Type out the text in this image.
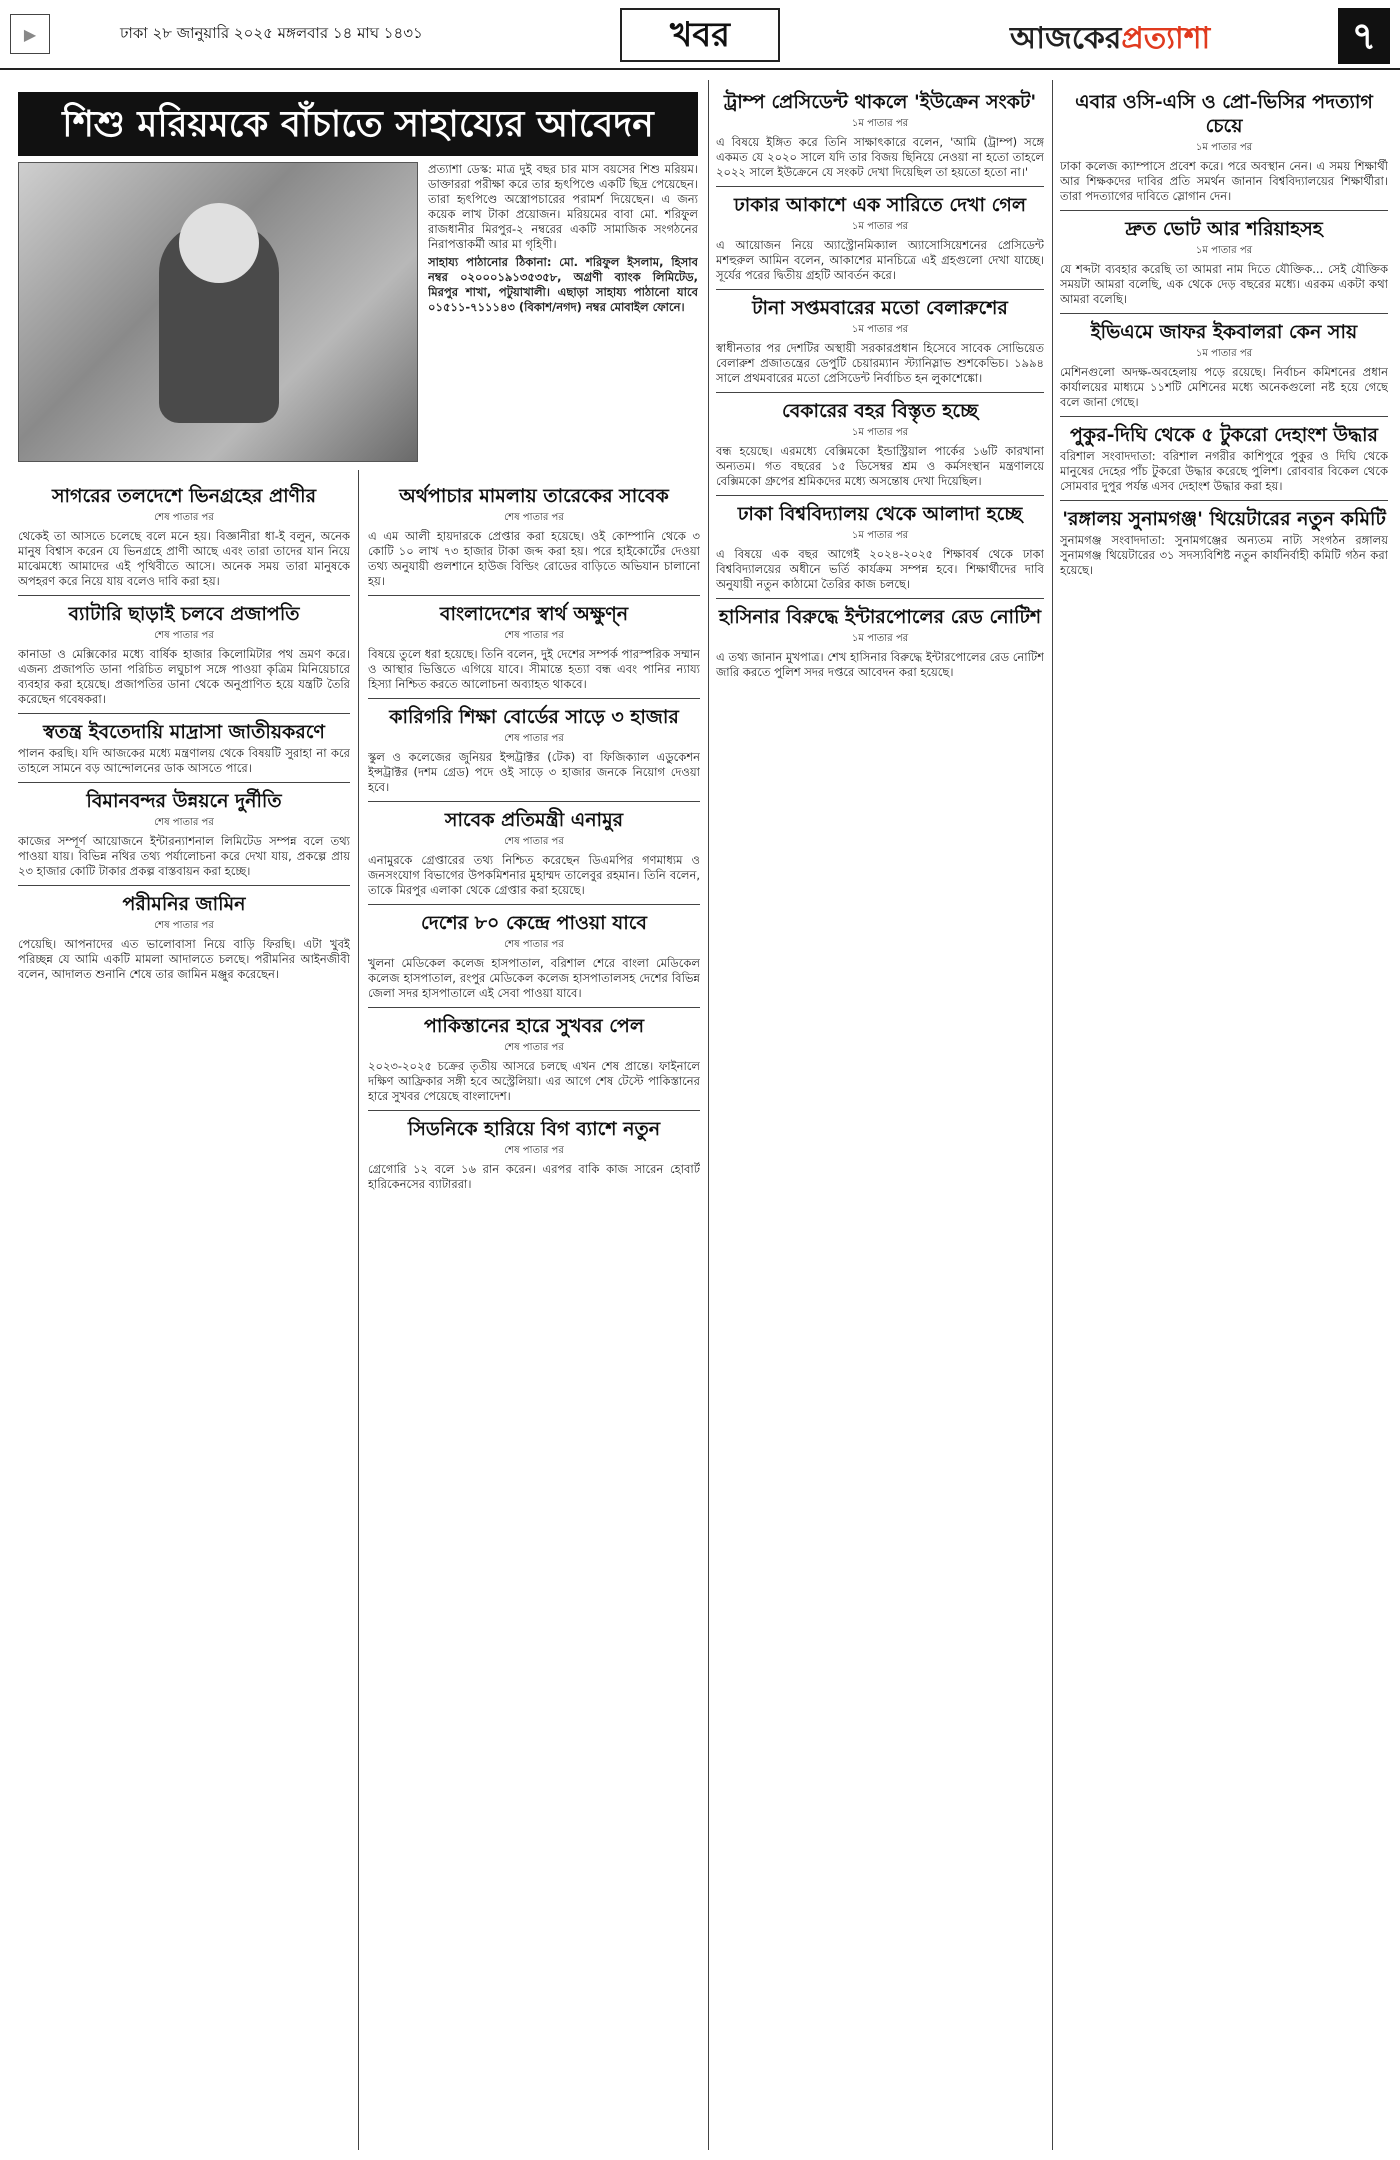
▶	ঢাকা ২৮ জানুয়ারি ২০২৫ মঙ্গলবার ১৪ মাঘ ১৪৩১	খবর	আজকেরপ্রত্যাশা	৭
শিশু মরিয়মকে বাঁচাতে সাহায্যের আবেদন

প্রত্যাশা ডেস্ক: মাত্র দুই বছর চার মাস বয়সের শিশু মরিয়ম। ডাক্তাররা পরীক্ষা করে তার হৃৎপিণ্ডে একটি ছিদ্র পেয়েছেন। তারা হৃৎপিণ্ডে অস্ত্রোপচারের পরামর্শ দিয়েছেন। এ জন্য কয়েক লাখ টাকা প্রয়োজন। মরিয়মের বাবা মো. শরিফুল রাজধানীর মিরপুর-২ নম্বরের একটি সামাজিক সংগঠনের নিরাপত্তাকর্মী আর মা গৃহিণী।

সাহায্য পাঠানোর ঠিকানা: মো. শরিফুল ইসলাম, হিসাব নম্বর ০২০০০১৯১৩৫৩৫৮, অগ্রণী ব্যাংক লিমিটেড, মিরপুর শাখা, পটুয়াখালী। এছাড়া সাহায্য পাঠানো যাবে ০১৫১১-৭১১১৪৩ (বিকাশ/নগদ) নম্বর মোবাইল ফোনে।

সাগরের তলদেশে ভিনগ্রহের প্রাণীর
শেষ পাতার পর

থেকেই তা আসতে চলেছে বলে মনে হয়। বিজ্ঞানীরা ধা-ই বলুন, অনেক মানুষ বিশ্বাস করেন যে ভিনগ্রহে প্রাণী আছে এবং তারা তাদের যান নিয়ে মাঝেমধ্যে আমাদের এই পৃথিবীতে আসে। অনেক সময় তারা মানুষকে অপহরণ করে নিয়ে যায় বলেও দাবি করা হয়।

ব্যাটারি ছাড়াই চলবে প্রজাপতি
শেষ পাতার পর

কানাডা ও মেক্সিকোর মধ্যে বার্ষিক হাজার কিলোমিটার পথ ভ্রমণ করে। এজন্য প্রজাপতি ডানা পরিচিত লঘুচাপ সঙ্গে পাওয়া কৃত্রিম মিনিয়েচারে ব্যবহার করা হয়েছে। প্রজাপতির ডানা থেকে অনুপ্রাণিত হয়ে যন্ত্রটি তৈরি করেছেন গবেষকরা।

স্বতন্ত্র ইবতেদায়ি মাদ্রাসা জাতীয়করণে

পালন করছি। যদি আজকের মধ্যে মন্ত্রণালয় থেকে বিষয়টি সুরাহা না করে তাহলে সামনে বড় আন্দোলনের ডাক আসতে পারে।

বিমানবন্দর উন্নয়নে দুর্নীতি
শেষ পাতার পর

কাজের সম্পূর্ণ আয়োজনে ইন্টারন্যাশনাল লিমিটেড সম্পন্ন বলে তথ্য পাওয়া যায়। বিভিন্ন নথির তথ্য পর্যালোচনা করে দেখা যায়, প্রকল্পে প্রায় ২৩ হাজার কোটি টাকার প্রকল্প বাস্তবায়ন করা হচ্ছে।

পরীমনির জামিন
শেষ পাতার পর

পেয়েছি। আপনাদের এত ভালোবাসা নিয়ে বাড়ি ফিরছি। এটা খুবই পরিচ্ছন্ন যে আমি একটি মামলা আদালতে চলছে। পরীমনির আইনজীবী বলেন, আদালত শুনানি শেষে তার জামিন মঞ্জুর করেছেন।

অর্থপাচার মামলায় তারেকের সাবেক
শেষ পাতার পর

এ এম আলী হায়দারকে প্রেপ্তার করা হয়েছে। ওই কোম্পানি থেকে ৩ কোটি ১০ লাখ ৭৩ হাজার টাকা জব্দ করা হয়। পরে হাইকোর্টের দেওয়া তথ্য অনুযায়ী গুলশানে হাউজ বিল্ডিং রোডের বাড়িতে অভিযান চালানো হয়।

বাংলাদেশের স্বার্থ অক্ষুণ্ন
শেষ পাতার পর

বিষয়ে তুলে ধরা হয়েছে। তিনি বলেন, দুই দেশের সম্পর্ক পারস্পরিক সম্মান ও আস্থার ভিত্তিতে এগিয়ে যাবে। সীমান্তে হত্যা বন্ধ এবং পানির ন্যায্য হিস্যা নিশ্চিত করতে আলোচনা অব্যাহত থাকবে।

কারিগরি শিক্ষা বোর্ডের সাড়ে ৩ হাজার
শেষ পাতার পর

স্কুল ও কলেজের জুনিয়র ইন্সট্রাক্টর (টেক) বা ফিজিক্যাল এডুকেশন ইন্সট্রাক্টর (দশম গ্রেড) পদে ওই সাড়ে ৩ হাজার জনকে নিয়োগ দেওয়া হবে।

সাবেক প্রতিমন্ত্রী এনামুর
শেষ পাতার পর

এনামুরকে গ্রেপ্তারের তথ্য নিশ্চিত করেছেন ডিএমপির গণমাধ্যম ও জনসংযোগ বিভাগের উপকমিশনার মুহাম্মদ তালেবুর রহমান। তিনি বলেন, তাকে মিরপুর এলাকা থেকে গ্রেপ্তার করা হয়েছে।

দেশের ৮০ কেন্দ্রে পাওয়া যাবে
শেষ পাতার পর

খুলনা মেডিকেল কলেজ হাসপাতাল, বরিশাল শেরে বাংলা মেডিকেল কলেজ হাসপাতাল, রংপুর মেডিকেল কলেজ হাসপাতালসহ দেশের বিভিন্ন জেলা সদর হাসপাতালে এই সেবা পাওয়া যাবে।

পাকিস্তানের হারে সুখবর পেল
শেষ পাতার পর

২০২৩-২০২৫ চক্রের তৃতীয় আসরে চলছে এখন শেষ প্রান্তে। ফাইনালে দক্ষিণ আফ্রিকার সঙ্গী হবে অস্ট্রেলিয়া। এর আগে শেষ টেস্টে পাকিস্তানের হারে সুখবর পেয়েছে বাংলাদেশ।

সিডনিকে হারিয়ে বিগ ব্যাশে নতুন
শেষ পাতার পর

গ্রেগোরি ১২ বলে ১৬ রান করেন। এরপর বাকি কাজ সারেন হোবার্ট হারিকেনসের ব্যাটাররা।

ট্রাম্প প্রেসিডেন্ট থাকলে 'ইউক্রেন সংকট'
১ম পাতার পর

এ বিষয়ে ইঙ্গিত করে তিনি সাক্ষাৎকারে বলেন, 'আমি (ট্রাম্প) সঙ্গে একমত যে ২০২০ সালে যদি তার বিজয় ছিনিয়ে নেওয়া না হতো তাহলে ২০২২ সালে ইউক্রেনে যে সংকট দেখা দিয়েছিল তা হয়তো হতো না।'

ঢাকার আকাশে এক সারিতে দেখা গেল
১ম পাতার পর

এ আয়োজন নিয়ে অ্যাস্ট্রোনমিক্যাল অ্যাসোসিয়েশনের প্রেসিডেন্ট মশহুরুল আমিন বলেন, আকাশের মানচিত্রে এই গ্রহগুলো দেখা যাচ্ছে। সূর্যের পরের দ্বিতীয় গ্রহটি আবর্তন করে।

টানা সপ্তমবারের মতো বেলারুশের
১ম পাতার পর

স্বাধীনতার পর দেশটির অস্থায়ী সরকারপ্রধান হিসেবে সাবেক সোভিয়েত বেলারুশ প্রজাতন্ত্রের ডেপুটি চেয়ারম্যান স্ট্যানিস্লাভ শুশকেভিচ। ১৯৯৪ সালে প্রথমবারের মতো প্রেসিডেন্ট নির্বাচিত হন লুকাশেঙ্কো।

বেকারের বহর বিস্তৃত হচ্ছে
১ম পাতার পর

বন্ধ হয়েছে। এরমধ্যে বেক্সিমকো ইন্ডাস্ট্রিয়াল পার্কের ১৬টি কারখানা অন্যতম। গত বছরের ১৫ ডিসেম্বর শ্রম ও কর্মসংস্থান মন্ত্রণালয়ে বেক্সিমকো গ্রুপের শ্রমিকদের মধ্যে অসন্তোষ দেখা দিয়েছিল।

ঢাকা বিশ্ববিদ্যালয় থেকে আলাদা হচ্ছে
১ম পাতার পর

এ বিষয়ে এক বছর আগেই ২০২৪-২০২৫ শিক্ষাবর্ষ থেকে ঢাকা বিশ্ববিদ্যালয়ের অধীনে ভর্তি কার্যক্রম সম্পন্ন হবে। শিক্ষার্থীদের দাবি অনুযায়ী নতুন কাঠামো তৈরির কাজ চলছে।

হাসিনার বিরুদ্ধে ইন্টারপোলের রেড নোটিশ
১ম পাতার পর

এ তথ্য জানান মুখপাত্র। শেখ হাসিনার বিরুদ্ধে ইন্টারপোলের রেড নোটিশ জারি করতে পুলিশ সদর দপ্তরে আবেদন করা হয়েছে।

এবার ওসি-এসি ও প্রো-ভিসির পদত্যাগ চেয়ে
১ম পাতার পর

ঢাকা কলেজ ক্যাম্পাসে প্রবেশ করে। পরে অবস্থান নেন। এ সময় শিক্ষার্থী আর শিক্ষকদের দাবির প্রতি সমর্থন জানান বিশ্ববিদ্যালয়ের শিক্ষার্থীরা। তারা পদত্যাগের দাবিতে স্লোগান দেন।

দ্রুত ভোট আর শরিয়াহসহ
১ম পাতার পর

যে শব্দটা ব্যবহার করেছি তা আমরা নাম দিতে যৌক্তিক... সেই যৌক্তিক সময়টা আমরা বলেছি, এক থেকে দেড় বছরের মধ্যে। এরকম একটা কথা আমরা বলেছি।

ইভিএমে জাফর ইকবালরা কেন সায়
১ম পাতার পর

মেশিনগুলো অদক্ষ-অবহেলায় পড়ে রয়েছে। নির্বাচন কমিশনের প্রধান কার্যালয়ের মাধ্যমে ১১শটি মেশিনের মধ্যে অনেকগুলো নষ্ট হয়ে গেছে বলে জানা গেছে।

পুকুর-দিঘি থেকে ৫ টুকরো দেহাংশ উদ্ধার

বরিশাল সংবাদদাতা: বরিশাল নগরীর কাশিপুরে পুকুর ও দিঘি থেকে মানুষের দেহের পাঁচ টুকরো উদ্ধার করেছে পুলিশ। রোববার বিকেল থেকে সোমবার দুপুর পর্যন্ত এসব দেহাংশ উদ্ধার করা হয়।

'রঙ্গালয় সুনামগঞ্জ' থিয়েটারের নতুন কমিটি

সুনামগঞ্জ সংবাদদাতা: সুনামগঞ্জের অন্যতম নাট্য সংগঠন রঙ্গালয় সুনামগঞ্জ থিয়েটারের ৩১ সদস্যবিশিষ্ট নতুন কার্যনির্বাহী কমিটি গঠন করা হয়েছে।
